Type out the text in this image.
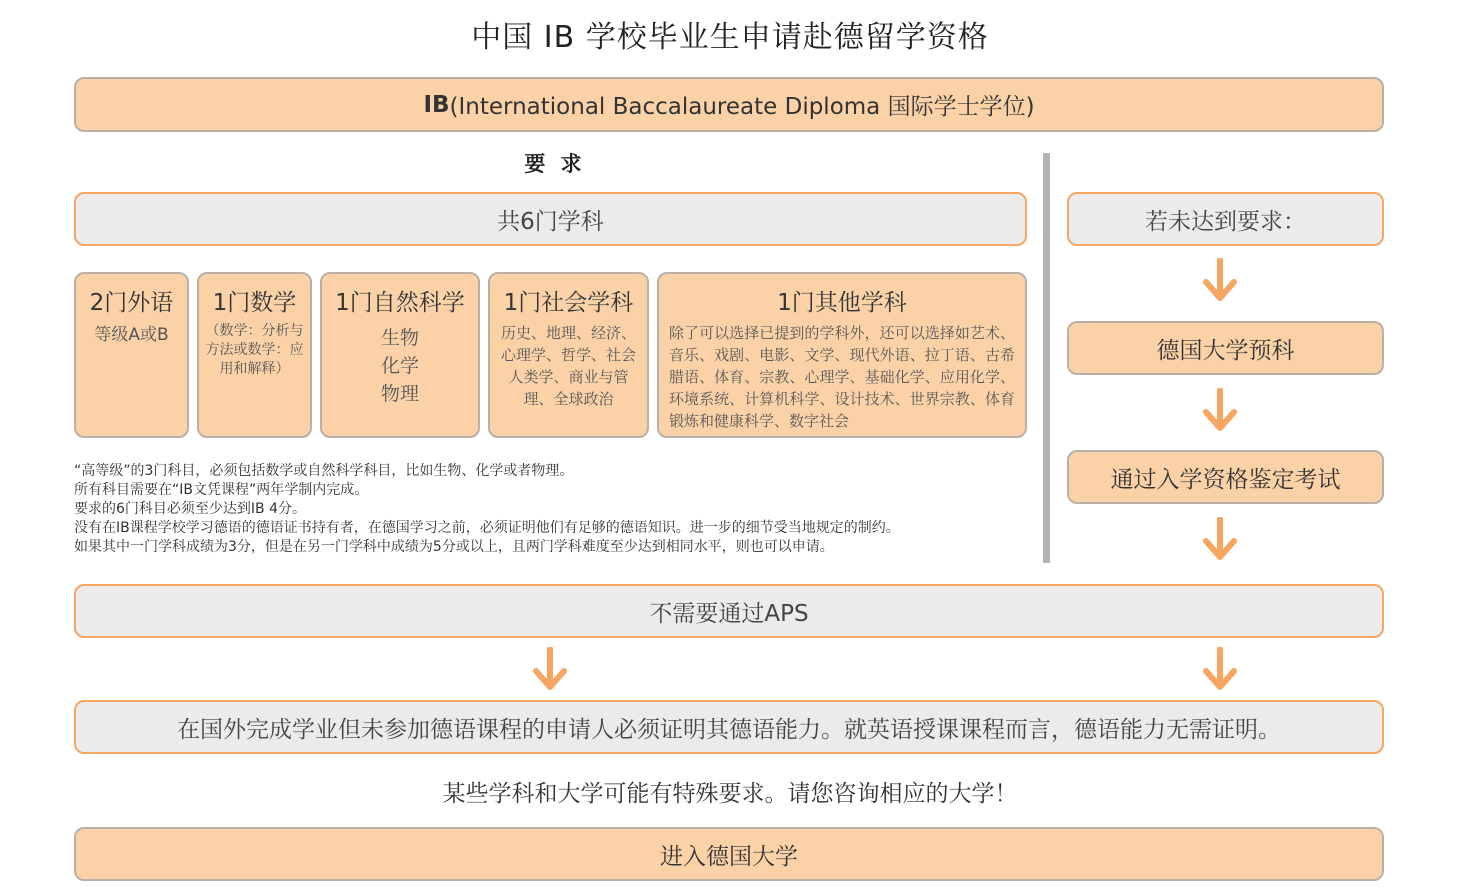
中国 IB 学校毕业生申请赴德留学资格
IB (International Baccalaureate Diploma 国际学士学位)
要 求
共6门学科
2门外语
等级A或B
1门数学
（数学：分析与方法或数学：应用和解释）
1门自然科学
生物
化学
物理
1门社会学科
历史、地理、经济、心理学、哲学、社会人类学、商业与管理、全球政治
1门其他学科
除了可以选择已提到的学科外，还可以选择如艺术、音乐、戏剧、电影、文学、现代外语、拉丁语、古希腊语、体育、宗教、心理学、基础化学、应用化学、环境系统、计算机科学、设计技术、世界宗教、体育锻炼和健康科学、数字社会
“高等级”的3门科目，必须包括数学或自然科学科目，比如生物、化学或者物理。
所有科目需要在“IB文凭课程”两年学制内完成。
要求的6门科目必须至少达到IB 4分。
没有在IB课程学校学习德语的德语证书持有者，在德国学习之前，必须证明他们有足够的德语知识。进一步的细节受当地规定的制约。
如果其中一门学科成绩为3分，但是在另一门学科中成绩为5分或以上，且两门学科难度至少达到相同水平，则也可以申请。
若未达到要求：
德国大学预科
通过入学资格鉴定考试
不需要通过APS
在国外完成学业但未参加德语课程的申请人必须证明其德语能力。就英语授课课程而言，德语能力无需证明。
某些学科和大学可能有特殊要求。请您咨询相应的大学！
进入德国大学
